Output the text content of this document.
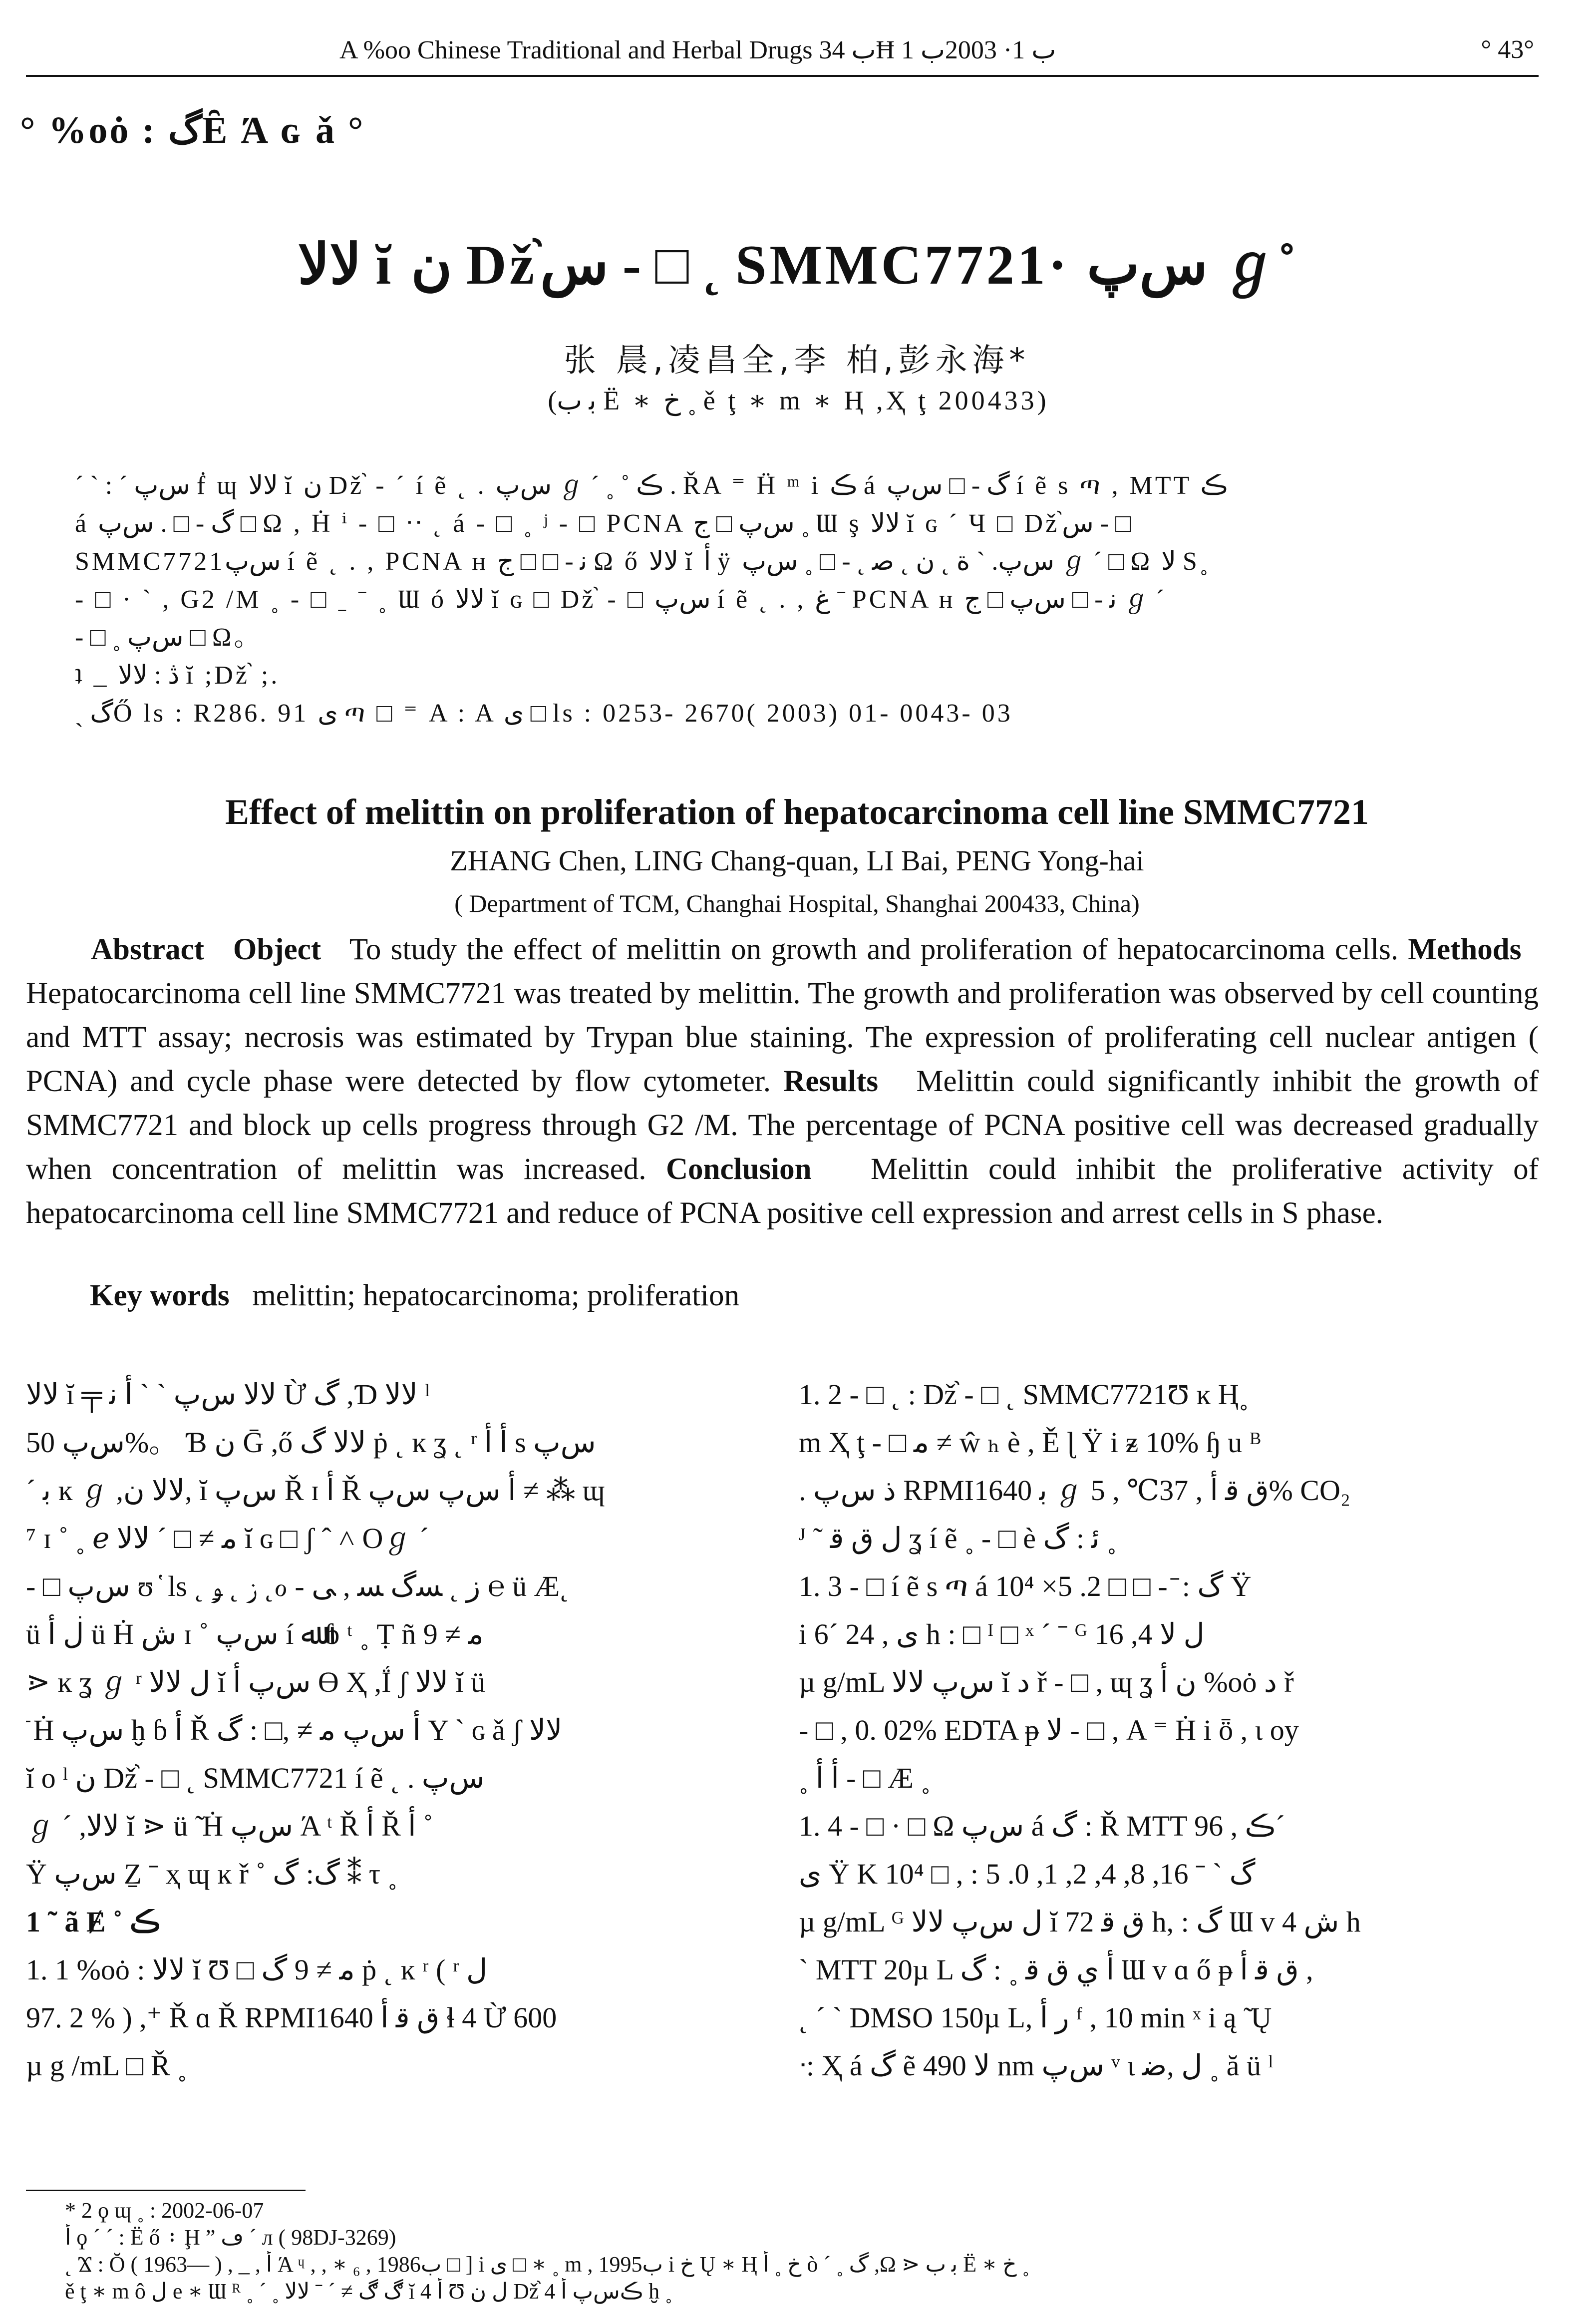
A %oo Chinese Traditional and Herbal Drugs ب 34Ħ ب 1· 2003ب 1	° 43°
° %oȯ : گȆ Ά ɢ ǎ °
ﻻﻻ ĭ ﻥ Dž֨ﺱ - □ ˛ SMMC7721· ﺱپ ℊ˚
张 晨,凌昌全,李 柏,彭永海*
(ﺑ ب Ë ∗ خ ˳ ě ţ ∗ m ∗ Ⱨ ,Ҳ ţ 200433)

ˊ ˋ : ˊ ﺱپ ḟ ɰ ﻻﻻ ĭ ﻥ Dž֨ - ˊ í ẽ ˛ . ﺱپ ℊ ˊ ˳ ˚ ڪ . ŘA ⁼ Ḧ ᵐ i ڪ á گ - □ ﺱپ í ẽ s ጣ , MTT ڪ

á گ - □ . ﺱپ □ Ω , Ḣ ⁱ - □ ᐧᐧ ˛ á - □ ˳ ʲ - □ PCNA ﺱپ □ ج ˳ Ɯ ş ﻻﻻ ĭ ɢ ˊ Ч □ Dž֨ﺱ - □

SMMC7721ﺱپ í ẽ ˛ . , PCNA ʜ ﻧ - □ □ ج Ω ő ﻻﻻ ĭ ﺃ ÿ ﺱپ. ˋ ﺓ ˛ ﻥ ˛ ﺻ ˛ - □ ˳ ﺱپ ℊ ˊ □ Ω ﻻ S˳

- □ · ˋ , G2 /M ˳ - □ ˍ ˉ ˳ Ɯ ó ﻻﻻ ĭ ɢ □ Dž֨ - □ ﺱپ í ẽ ˛ . , ﻍ ˉ PCNA ʜ ﻧ - □ ﺱپ □ ج ℊ ˊ

- □ ˳ ﺱپ □ Ω。

ʇ _ ڎ : ﻻﻻ ĭ ;Dž֨ ;.

ˎ گŐ ls : R286. 91 ی ጣ □ ⁼ A : A ی □ ls : 0253- 2670( 2003) 01- 0043- 03

Effect of melittin on proliferation of hepatocarcinoma cell line SMMC7721
ZHANG Chen, LING Chang-quan, LI Bai, PENG Yong-hai
( Department of TCM, Changhai Hospital, Shanghai 200433, China)

Abstract Object To study the effect of melittin on growth and proliferation of hepatocarcinoma cells. Methods   Hepatocarcinoma cell line SMMC7721 was treated by melittin. The growth and proliferation was observed by cell counting and MTT assay; necrosis was estimated by Trypan blue staining. The expression of proliferating cell nuclear antigen ( PCNA) and cycle phase were detected by flow cytometer. Results Melittin could significantly inhibit the growth of SMMC7721 and block up cells progress through G2 /M. The percentage of PCNA positive cell was decreased gradually when concentration of melittin was increased. Conclusion Melittin could inhibit the proliferative activity of hepatocarcinoma cell line SMMC7721 and reduce of PCNA positive cell expression and arrest cells in S phase.

Key words melittin; hepatocarcinoma; proliferation

ﻻﻻ ĭ ╤ ﻻﻻ ﺱپ ˋ ˋ ﺃ ﻧ Ừ گ ,Ɗ ﻻﻻ ˡ

ﺱپ 50%。 Ɓ ن Ḡ ,ő ﻻﻻ گ ṗ ˛ ĸ ʓ ˛ ʳ ﺃ ﺃ s ﺱپ

ˊ ﺑ ĸ ℊ ,ﻻﻻ ﻥ, ĭ ﺱپ Ř ɪ ﺃ Ř ﺃ ﺱپ ﺱپ ≠ ⁂ ɰ

⁷ ɪ ˚ ˳ ℯ ﻣ ≠ □ ˊ ﻻﻻ ĭ ɢ □ ʃ ˆ ˄ Oℊ ˊ

- □ ﺱپ ʊ ̔ ls ˛ ﺯ ˛ ﯡ ˛ℴ - ﺯ ˛ ﺴگ ﺴ , ﻰ ℮ ü Æ˛

ü ڶ ﺃ ü Ḣ ﺵ ɪ ˚ ﺱپ í ﷲ ɓ ᵗ ˳ Ṭ ñ ﻣ ≠ 9

⋗ ĸ ʓ ℊ ʳ ﻝ ﻻﻻ ĭ ﺱپ ﺃ ϴ Ҳ ,Ḯ ʃ ﻻﻻ ĭ ü

᷅ Ḣ ﺱپ ḫ ɓ ﺃ Ř ﺃ ﺱپ ﻣ ≠ ,□ : گ Y ˋ ɢ ǎ ʃ ﻻﻻ

ĭ o ˡ ﻥ Dž֨ - □ ˛ SMMC7721 í ẽ ˛ . ﺱپ

ℊ ˊ ,ﻻﻻ ĭ ⋗ ü ̃ Ḣ ﺱپ Ά ᵗ Ř ﺃ Ř ﺃ ˚

Ÿ ﺱپ Ẕ ˉ ҳ ɰ ĸ ř ˚ گ: گ ⁑ τ ˳

1 ˜ ã Ɇ ˚ ڪ

1. 1 %oȯ : ﻻﻻ ĭ Ʊ □ ﻣ ≠ 9 گ ṗ ˛ ĸ ʳ ( ʳ ﻝ

97. 2 % ) ,⁺ Ř ɑ Ř RPMI1640 ﻕ ﻗ ﺃ ɬ 4 Ừ 600

µ g /mL □ Ř ˳

1. 2 - □ ˛ : Dž֨ - □ ˛ SMMC7721Ʊ ĸ Ⱨ˳

m Ҳ ţ - □ ﻣ ≠ ŵ ₕ è , Ě ɭ Ÿ i ᵶ 10% ɧ u ᴮ

. ﺫ ﺱپ RPMI1640 ﺑ ℊ ﻕ ﻗ ﺃ , 37℃ , 5% CO₂

ᴶ ˜ ﻝ ﻕ ﻗ ʓ í ẽ ˳ - □ è ﺋ : گ ˳

1. 3 - □ í ẽ s ጣ á گ : ̄ - □ □ 2. 5× 10⁴ Ÿ

i 6ˊ ی , 24 h : □ ᴵ □ ˣ ˊ ˉ ᴳ ﻝ ﻻ 4, 16

µ g/mL ﺱپ ﻻﻻ ĭ ﺩ ř - □ , ɰ ʓ ﻥ ﺃ %oȯ ﺩ ř

- □ , 0. 02% EDTA ᵽ ﻻ - □ , A ⁼ Ḣ i ȫ , ɩ oy

˳ ﺃ ﺃ - □ Æ ˳

1. 4 - □ · □ Ω ﺱپ á گ : Ř MTT ڪ , 96ˊ

ی Ÿ K 10⁴ □ , : گ ˋ ˉ 16, 8, 4, 2, 1, 0. 5

µ g/mL ᴳ ﻝ ﺱپ ﻻﻻ ĭ ﻕ ﻗ 72 h, : گ Ɯ v ﺵ 4 h

ˋ MTT 20µ L ﺃ ﻱ ﻕ ﻗ ˳ : گ Ɯ v ɑ ő ᵽ ﻕ ﻗ ﺃ ,

˛ ˊ ˋ DMSO 150µ L, ﺭ ﺃ ᶠ , 10 min ˣ i ą ̃ Ų

ᐧ: Ҳ á گ ẽ ﻻ 490 nm ﺱپ ᵛ ɩ ﻝ ,ﺿ ˳ ă ü ˡ

* 2 ϙ ɰ ˳ : 2002-06-07

ﺃ ϙ ˊ ˊ : Ë ő ᛬ Ḩ ” ڡ ˊ л ( 98DJ-3269)

˛ Ϫ : Ŏ ( 1963— ) , _ , ﺃ Ά ᶣ , , ∗ ₆ , 1986ب □ ] i ی □ ∗ ˳ m , 1995ب i خ Ų ∗ Ⱨ خ ˳ ﺃ ò ˊ ˳ گ ,Ω ⋗ ﺑ ب Ë ∗ خ ˳

ě ţ ∗ m ô ﻝ e ∗ Ɯ ᴿ ˳ ˊ ˳ ڰ ڰ ≠ ˊ ˉ ﻻﻻ ĭ ﺃ 4 Ʊ ﻝ ﻥ Dž֨ ڪﺱپ ﺃ 4 ḫ ˳
